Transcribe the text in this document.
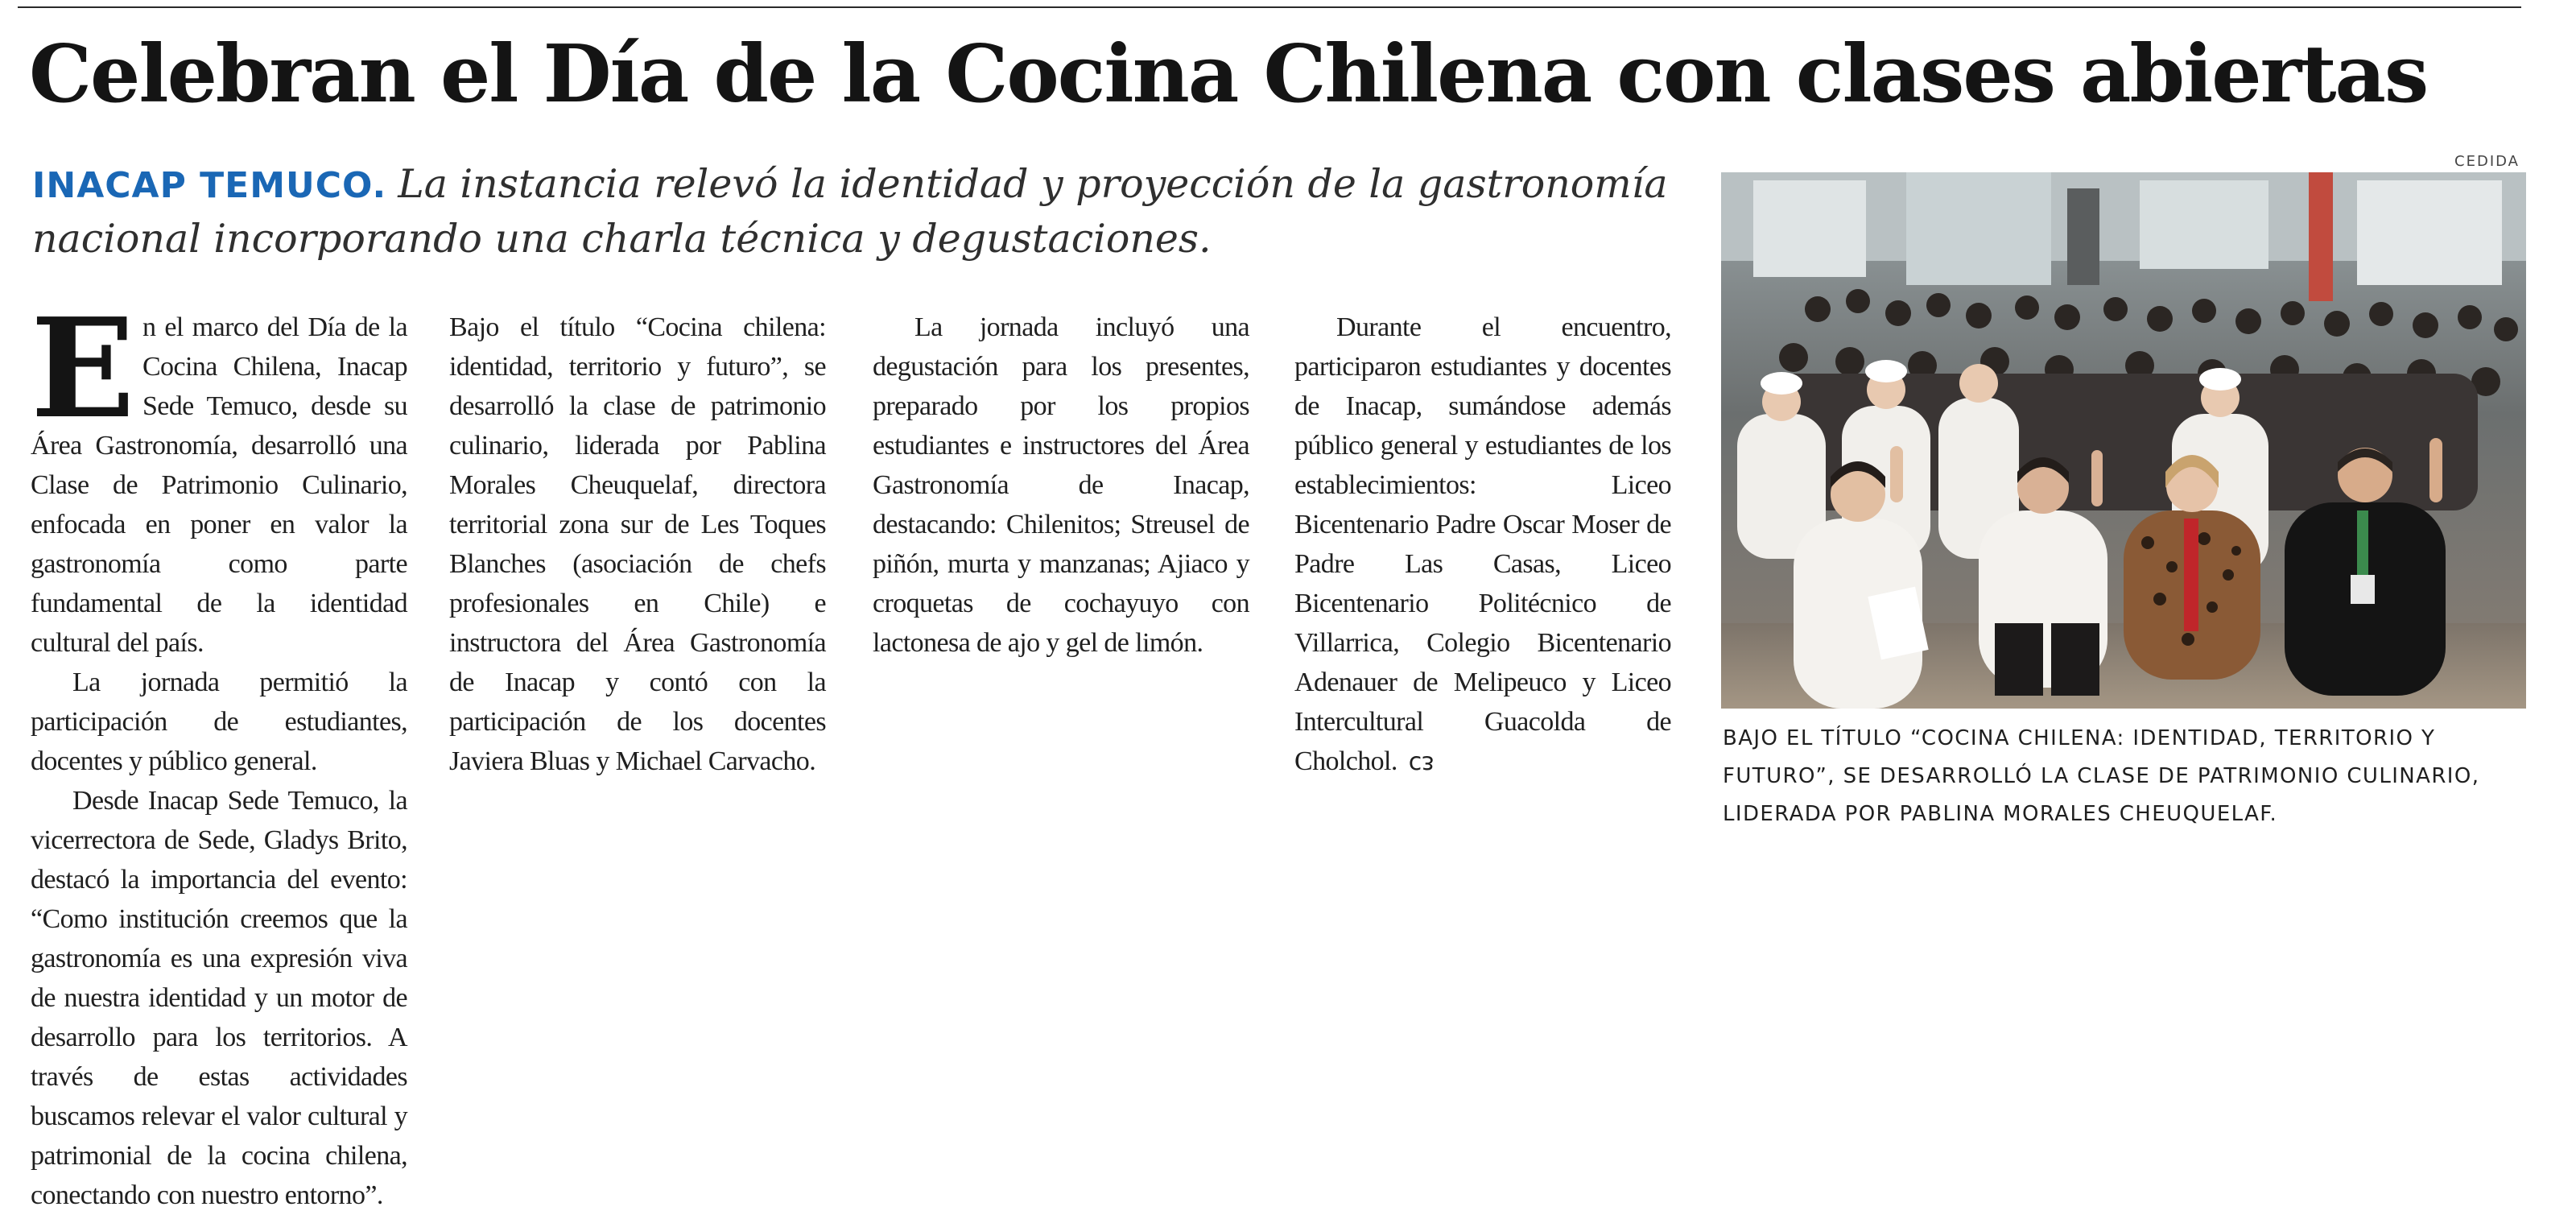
Celebran el Día de la Cocina Chilena con clases abiertas
INACAP TEMUCO. La instancia relevó la identidad y proyección de la gastronomía nacional incorporando una charla técnica y degustaciones.

En el marco del Día de la Cocina Chilena, Inacap Sede Temuco, desde su Área Gastronomía, desarrolló una Clase de Patrimonio Culinario, enfocada en poner en valor la gastronomía como parte fundamental de la identidad cultural del país.

La jornada permitió la participación de estudiantes, docentes y público general.

Desde Inacap Sede Temuco, la vicerrectora de Sede, Gladys Brito, destacó la importancia del evento: “Como institución creemos que la gastronomía es una expresión viva de nuestra identidad y un motor de desarrollo para los territorios. A través de estas actividades buscamos relevar el valor cultural y patrimonial de la cocina chilena, conectando con nuestro entorno”.

Bajo el título “Cocina chilena: identidad, territorio y futuro”, se desarrolló la clase de patrimonio culinario, liderada por Pablina Morales Cheuquelaf, directora territorial zona sur de Les Toques Blanches (asociación de chefs profesionales en Chile) e instructora del Área Gastronomía de Inacap y contó con la participación de los docentes Javiera Bluas y Michael Carvacho.

La jornada incluyó una degustación para los presentes, preparado por los propios estudiantes e instructores del Área Gastronomía de Inacap, destacando: Chilenitos; Streusel de piñón, murta y manzanas; Ajiaco y croquetas de cochayuyo con lactonesa de ajo y gel de limón.

Durante el encuentro, participaron estudiantes y docentes de Inacap, sumándose además público general y estudiantes de los establecimientos: Liceo Bicentenario Padre Oscar Moser de Padre Las Casas, Liceo Bicentenario Politécnico de Villarrica, Colegio Bicentenario Adenauer de Melipeuco y Liceo Intercultural Guacolda de Cholchol. ᴄᴈ

CEDIDA
BAJO EL TÍTULO “COCINA CHILENA: IDENTIDAD, TERRITORIO Y FUTURO”, SE DESARROLLÓ LA CLASE DE PATRIMONIO CULINARIO, LIDERADA POR PABLINA MORALES CHEUQUELAF.
